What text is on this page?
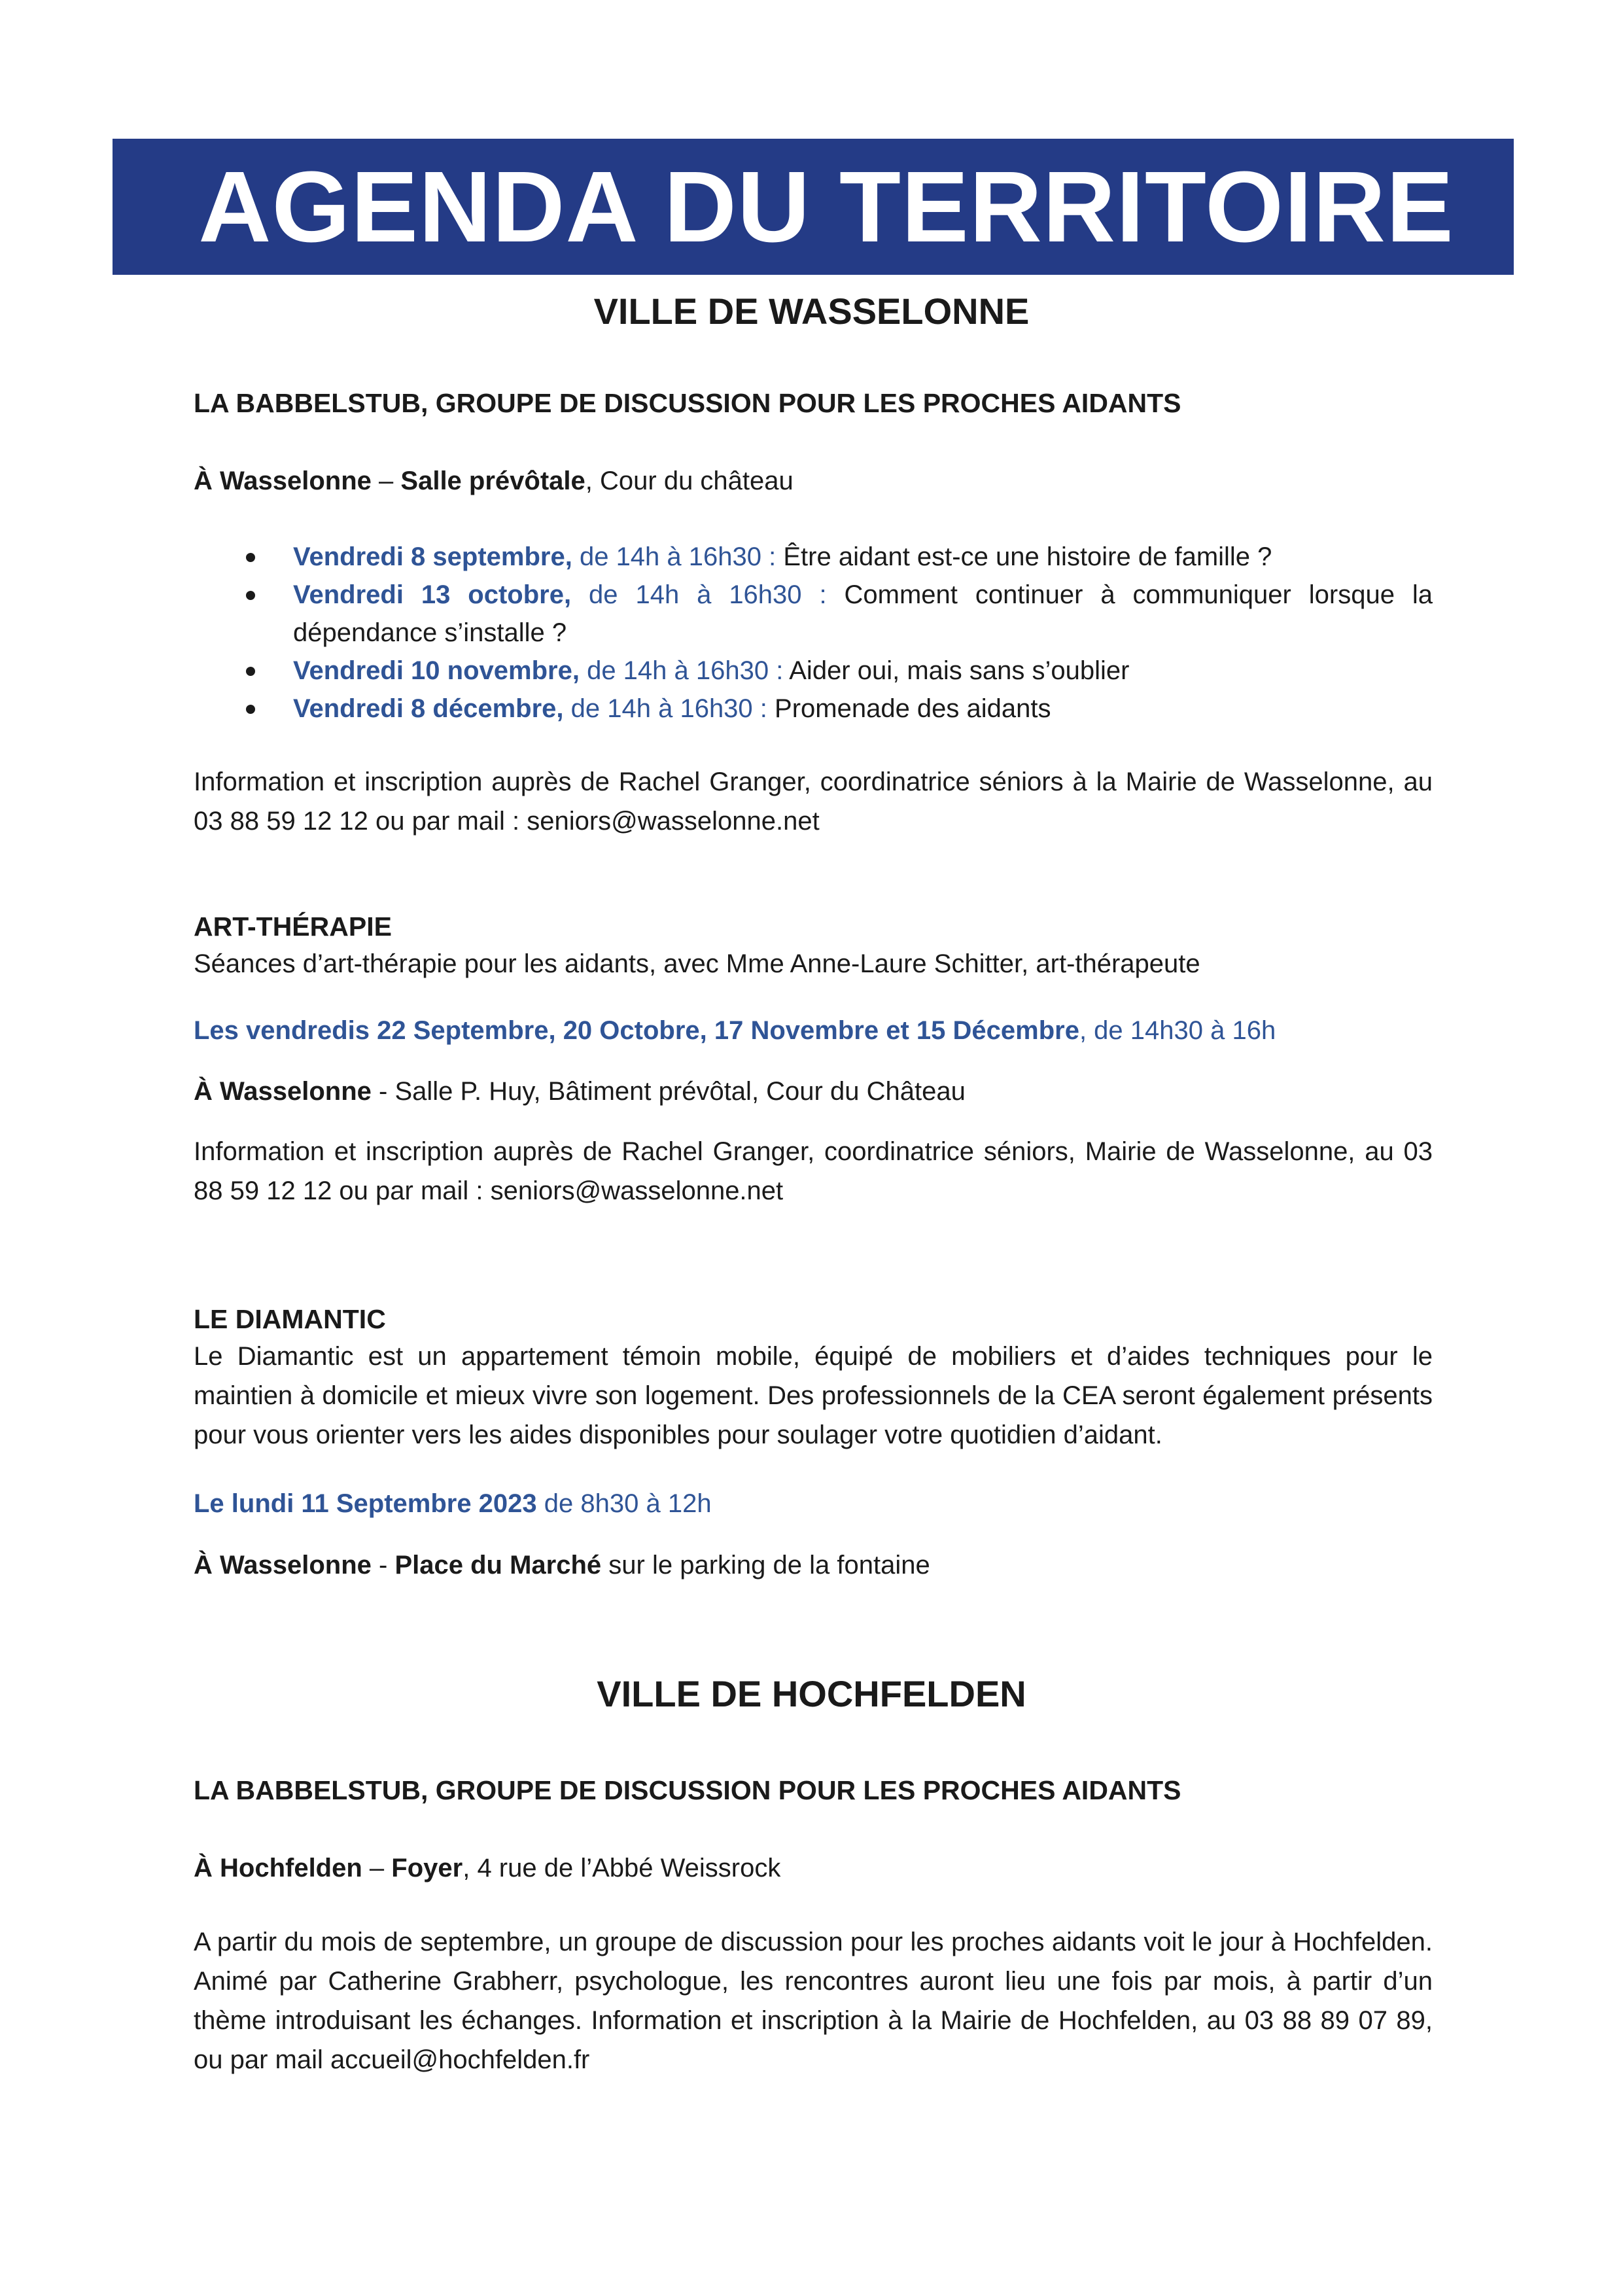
AGENDA DU TERRITOIRE
VILLE DE WASSELONNE
LA BABBELSTUB, GROUPE DE DISCUSSION POUR LES PROCHES AIDANTS

À Wasselonne – Salle prévôtale, Cour du château

Vendredi 8 septembre, de 14h à 16h30 : Être aidant est-ce une histoire de famille ?
Vendredi 13 octobre, de 14h à 16h30 : Comment continuer à communiquer lorsque la dépendance s’installe ?
Vendredi 10 novembre, de 14h à 16h30 : Aider oui, mais sans s’oublier
Vendredi 8 décembre, de 14h à 16h30 : Promenade des aidants

Information et inscription auprès de Rachel Granger, coordinatrice séniors à la Mairie de Wasselonne, au 03 88 59 12 12 ou par mail : seniors@wasselonne.net

ART-THÉRAPIE

Séances d’art-thérapie pour les aidants, avec Mme Anne-Laure Schitter, art-thérapeute

Les vendredis 22 Septembre, 20 Octobre, 17 Novembre et 15 Décembre, de 14h30 à 16h

À Wasselonne - Salle P. Huy, Bâtiment prévôtal, Cour du Château

Information et inscription auprès de Rachel Granger, coordinatrice séniors, Mairie de Wasselonne, au 03 88 59 12 12 ou par mail : seniors@wasselonne.net

LE DIAMANTIC

Le Diamantic est un appartement témoin mobile, équipé de mobiliers et d’aides techniques pour le maintien à domicile et mieux vivre son logement. Des professionnels de la CEA seront également présents pour vous orienter vers les aides disponibles pour soulager votre quotidien d’aidant.

Le lundi 11 Septembre 2023 de 8h30 à 12h

À Wasselonne - Place du Marché sur le parking de la fontaine

VILLE DE HOCHFELDEN
LA BABBELSTUB, GROUPE DE DISCUSSION POUR LES PROCHES AIDANTS

À Hochfelden – Foyer, 4 rue de l’Abbé Weissrock

A partir du mois de septembre, un groupe de discussion pour les proches aidants voit le jour à Hochfelden. Animé par Catherine Grabherr, psychologue, les rencontres auront lieu une fois par mois, à partir d’un thème introduisant les échanges. Information et inscription à la Mairie de Hochfelden, au 03 88 89 07 89, ou par mail accueil@hochfelden.fr
